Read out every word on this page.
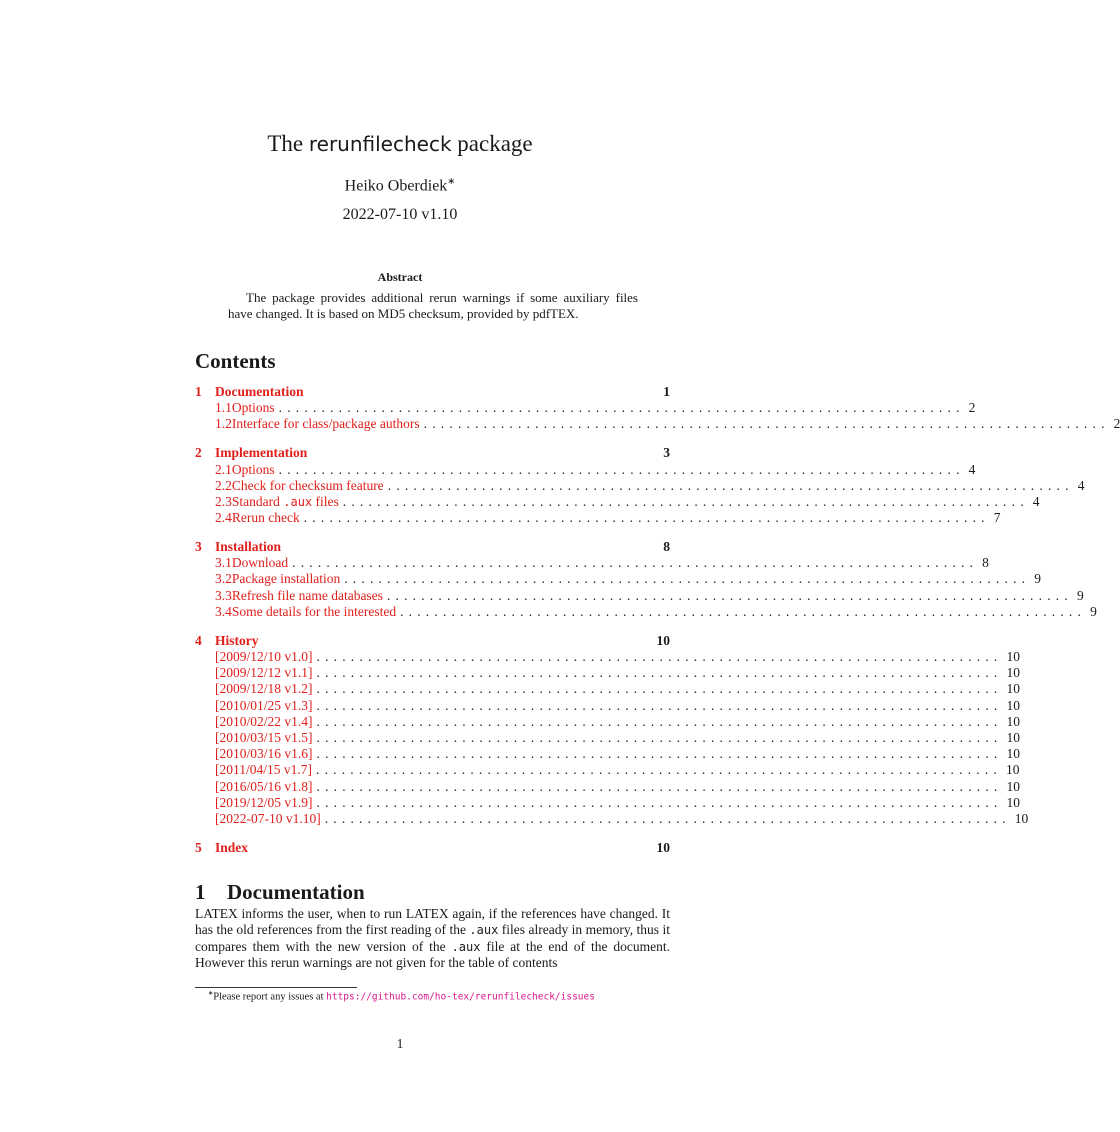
The rerunfilecheck package
Heiko Oberdiek∗
2022-07-10 v1.10
Abstract
The package provides additional rerun warnings if some auxiliary files have changed. It is based on MD5 checksum, provided by pdfTEX.
Contents
1 Documentation	1
1.1 Options ................................................................................ 2
1.2 Interface for class/package authors ................................................................................ 2
2 Implementation	3
2.1 Options ................................................................................ 4
2.2 Check for checksum feature ................................................................................ 4
2.3 Standard .aux files ................................................................................ 4
2.4 Rerun check ................................................................................ 7
3 Installation	8
3.1 Download ................................................................................ 8
3.2 Package installation ................................................................................ 9
3.3 Refresh file name databases ................................................................................ 9
3.4 Some details for the interested ................................................................................ 9
4 History	10
[2009/12/10 v1.0] ................................................................................ 10
[2009/12/12 v1.1] ................................................................................ 10
[2009/12/18 v1.2] ................................................................................ 10
[2010/01/25 v1.3] ................................................................................ 10
[2010/02/22 v1.4] ................................................................................ 10
[2010/03/15 v1.5] ................................................................................ 10
[2010/03/16 v1.6] ................................................................................ 10
[2011/04/15 v1.7] ................................................................................ 10
[2016/05/16 v1.8] ................................................................................ 10
[2019/12/05 v1.9] ................................................................................ 10
[2022-07-10 v1.10] ................................................................................ 10
5 Index	10
1 Documentation
LATEX informs the user, when to run LATEX again, if the references have changed. It has the old references from the first reading of the .aux files already in memory, thus it compares them with the new version of the .aux file at the end of the document. However this rerun warnings are not given for the table of contents
∗Please report any issues at https://github.com/ho-tex/rerunfilecheck/issues
1
